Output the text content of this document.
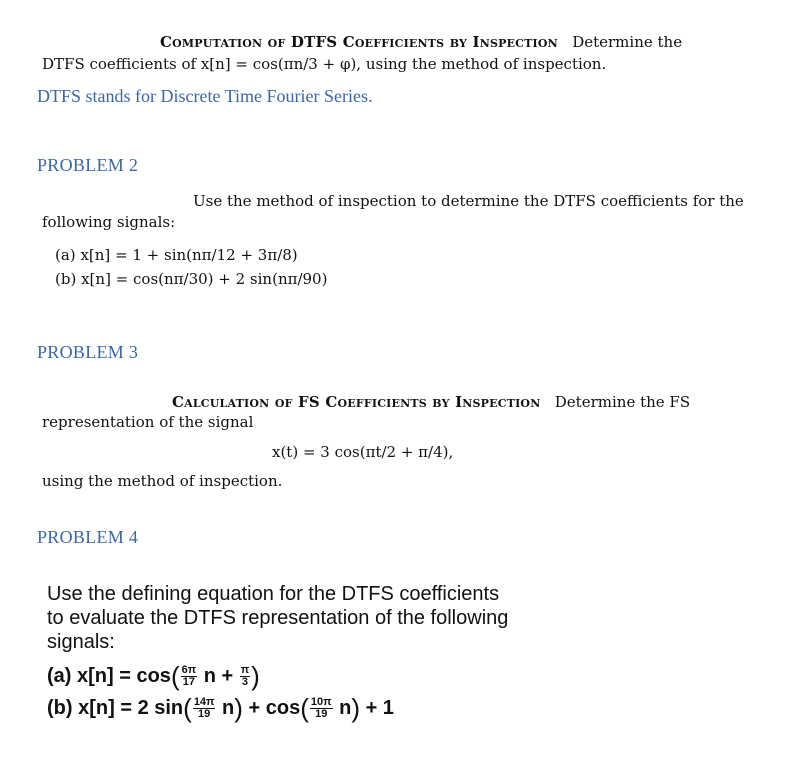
Computation of DTFS Coefficients by Inspection Determine the
DTFS coefficients of x[n] = cos(πn/3 + φ), using the method of inspection.
DTFS stands for Discrete Time Fourier Series.
PROBLEM 2
Use the method of inspection to determine the DTFS coefficients for the
following signals:
(a) x[n] = 1 + sin(nπ/12 + 3π/8)
(b) x[n] = cos(nπ/30) + 2 sin(nπ/90)
PROBLEM 3
Calculation of FS Coefficients by Inspection Determine the FS
representation of the signal
x(t) = 3 cos(πt/2 + π/4),
using the method of inspection.
PROBLEM 4
Use the defining equation for the DTFS coefficients
to evaluate the DTFS representation of the following
signals:
(a) $x[n] = \cos( \frac{6\pi}{17}$ $n + \frac{\pi}{3}$ )
(b) x[n] = 2 $\sin( \frac{14\pi}{19} n) + \cos( \frac{10\pi}{19} n) + 1$
